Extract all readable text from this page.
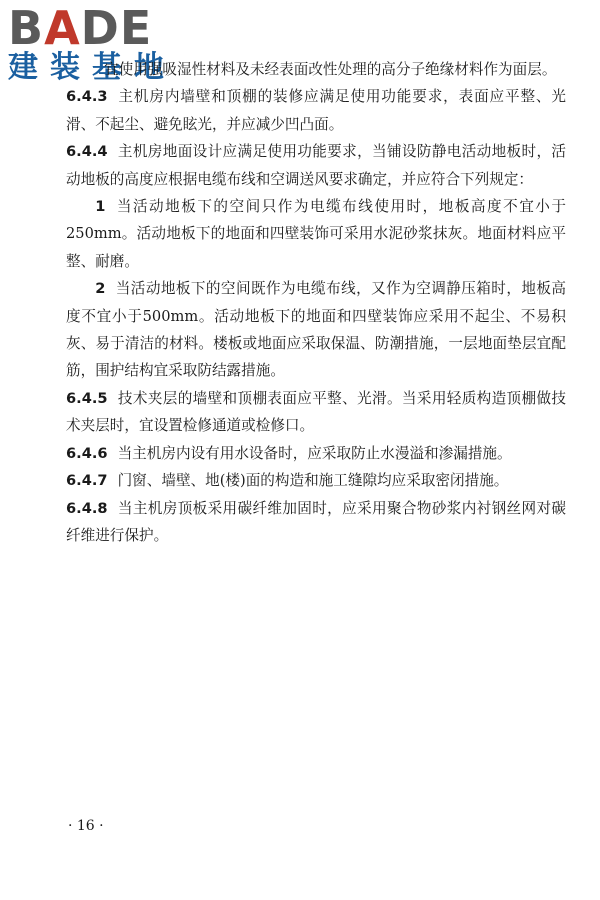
BADE
建装基地

宜使用强吸湿性材料及未经表面改性处理的高分子绝缘材料作为面层。

6.4.3 主机房内墙壁和顶棚的装修应满足使用功能要求，表面应平整、光滑、不起尘、避免眩光，并应减少凹凸面。

6.4.4 主机房地面设计应满足使用功能要求，当铺设防静电活动地板时，活动地板的高度应根据电缆布线和空调送风要求确定，并应符合下列规定：

1 当活动地板下的空间只作为电缆布线使用时，地板高度不宜小于250mm。活动地板下的地面和四壁装饰可采用水泥砂浆抹灰。地面材料应平整、耐磨。

2 当活动地板下的空间既作为电缆布线，又作为空调静压箱时，地板高度不宜小于500mm。活动地板下的地面和四壁装饰应采用不起尘、不易积灰、易于清洁的材料。楼板或地面应采取保温、防潮措施，一层地面垫层宜配筋，围护结构宜采取防结露措施。

6.4.5 技术夹层的墙壁和顶棚表面应平整、光滑。当采用轻质构造顶棚做技术夹层时，宜设置检修通道或检修口。

6.4.6 当主机房内设有用水设备时，应采取防止水漫溢和渗漏措施。

6.4.7 门窗、墙壁、地(楼)面的构造和施工缝隙均应采取密闭措施。

6.4.8 当主机房顶板采用碳纤维加固时，应采用聚合物砂浆内衬钢丝网对碳纤维进行保护。

· 16 ·
